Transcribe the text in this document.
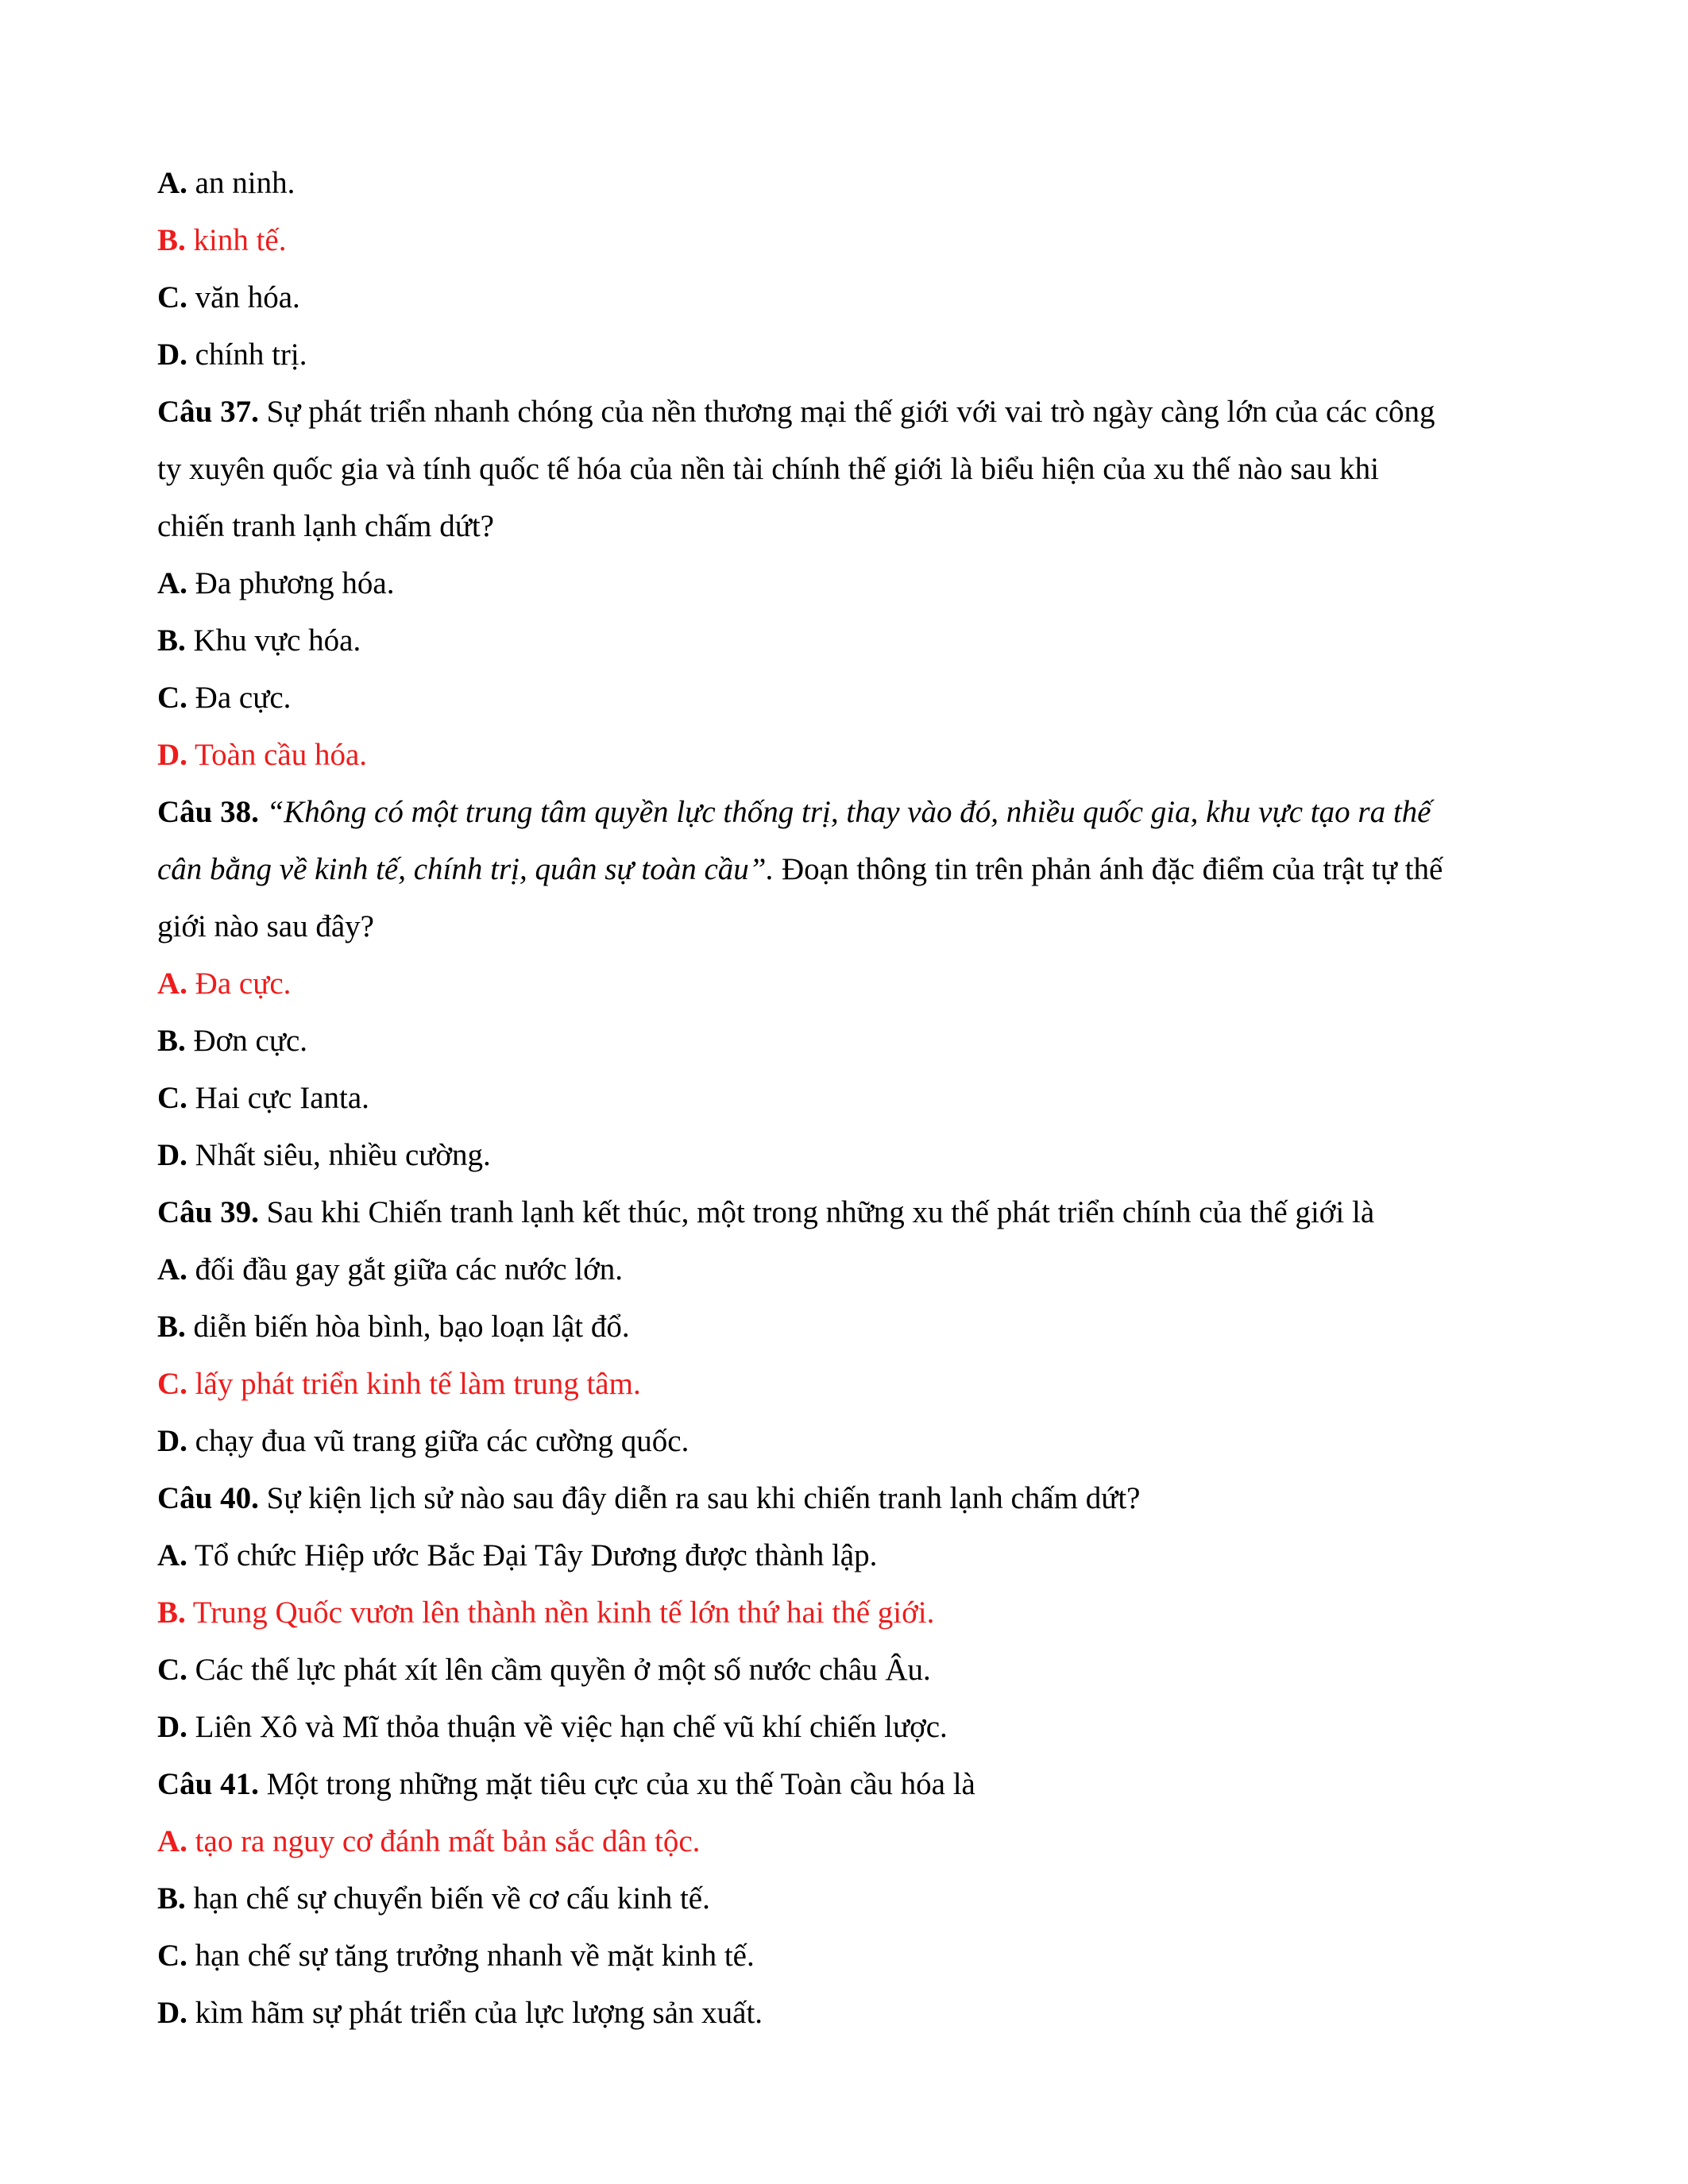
A. an ninh.
B. kinh tế.
C. văn hóa.
D. chính trị.
Câu 37. Sự phát triển nhanh chóng của nền thương mại thế giới với vai trò ngày càng lớn của các công
ty xuyên quốc gia và tính quốc tế hóa của nền tài chính thế giới là biểu hiện của xu thế nào sau khi
chiến tranh lạnh chấm dứt?
A. Đa phương hóa.
B. Khu vực hóa.
C. Đa cực.
D. Toàn cầu hóa.
Câu 38. “Không có một trung tâm quyền lực thống trị, thay vào đó, nhiều quốc gia, khu vực tạo ra thế
cân bằng về kinh tế, chính trị, quân sự toàn cầu”. Đoạn thông tin trên phản ánh đặc điểm của trật tự thế
giới nào sau đây?
A. Đa cực.
B. Đơn cực.
C. Hai cực Ianta.
D. Nhất siêu, nhiều cường.
Câu 39. Sau khi Chiến tranh lạnh kết thúc, một trong những xu thế phát triển chính của thế giới là
A. đối đầu gay gắt giữa các nước lớn.
B. diễn biến hòa bình, bạo loạn lật đổ.
C. lấy phát triển kinh tế làm trung tâm.
D. chạy đua vũ trang giữa các cường quốc.
Câu 40. Sự kiện lịch sử nào sau đây diễn ra sau khi chiến tranh lạnh chấm dứt?
A. Tổ chức Hiệp ước Bắc Đại Tây Dương được thành lập.
B. Trung Quốc vươn lên thành nền kinh tế lớn thứ hai thế giới.
C. Các thế lực phát xít lên cầm quyền ở một số nước châu Âu.
D. Liên Xô và Mĩ thỏa thuận về việc hạn chế vũ khí chiến lược.
Câu 41. Một trong những mặt tiêu cực của xu thế Toàn cầu hóa là
A. tạo ra nguy cơ đánh mất bản sắc dân tộc.
B. hạn chế sự chuyển biến về cơ cấu kinh tế.
C. hạn chế sự tăng trưởng nhanh về mặt kinh tế.
D. kìm hãm sự phát triển của lực lượng sản xuất.
